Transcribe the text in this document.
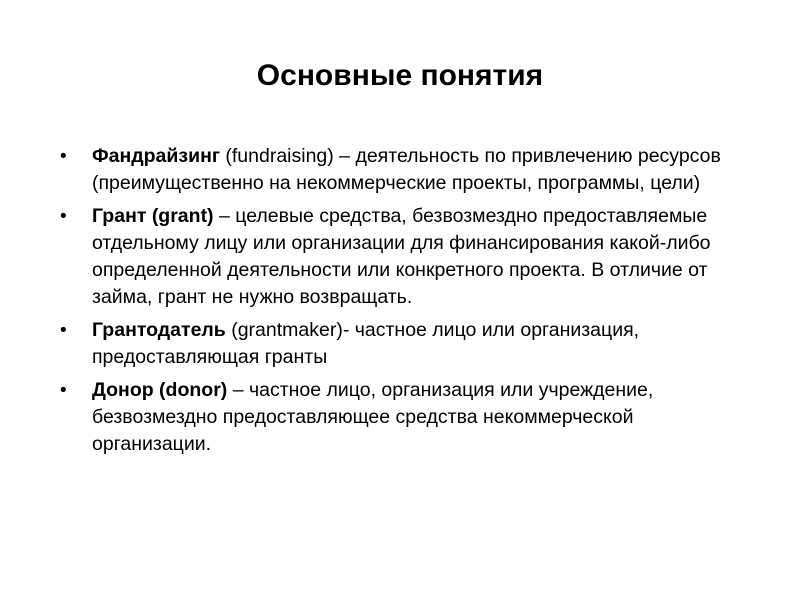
Основные понятия
•	Фандрайзинг (fundraising) – деятельность по привлечению ресурсов (преимущественно на некоммерческие проекты, программы, цели)
•	Грант (grant) – целевые средства, безвозмездно предоставляемые отдельному лицу или организации для финансирования какой-либо определенной деятельности или конкретного проекта. В отличие от займа, грант не нужно возвращать.
•	Грантодатель (grantmaker)- частное лицо или организация, предоставляющая гранты
•	Донор (donor) – частное лицо, организация или учреждение, безвозмездно предоставляющее средства некоммерческой организации.
